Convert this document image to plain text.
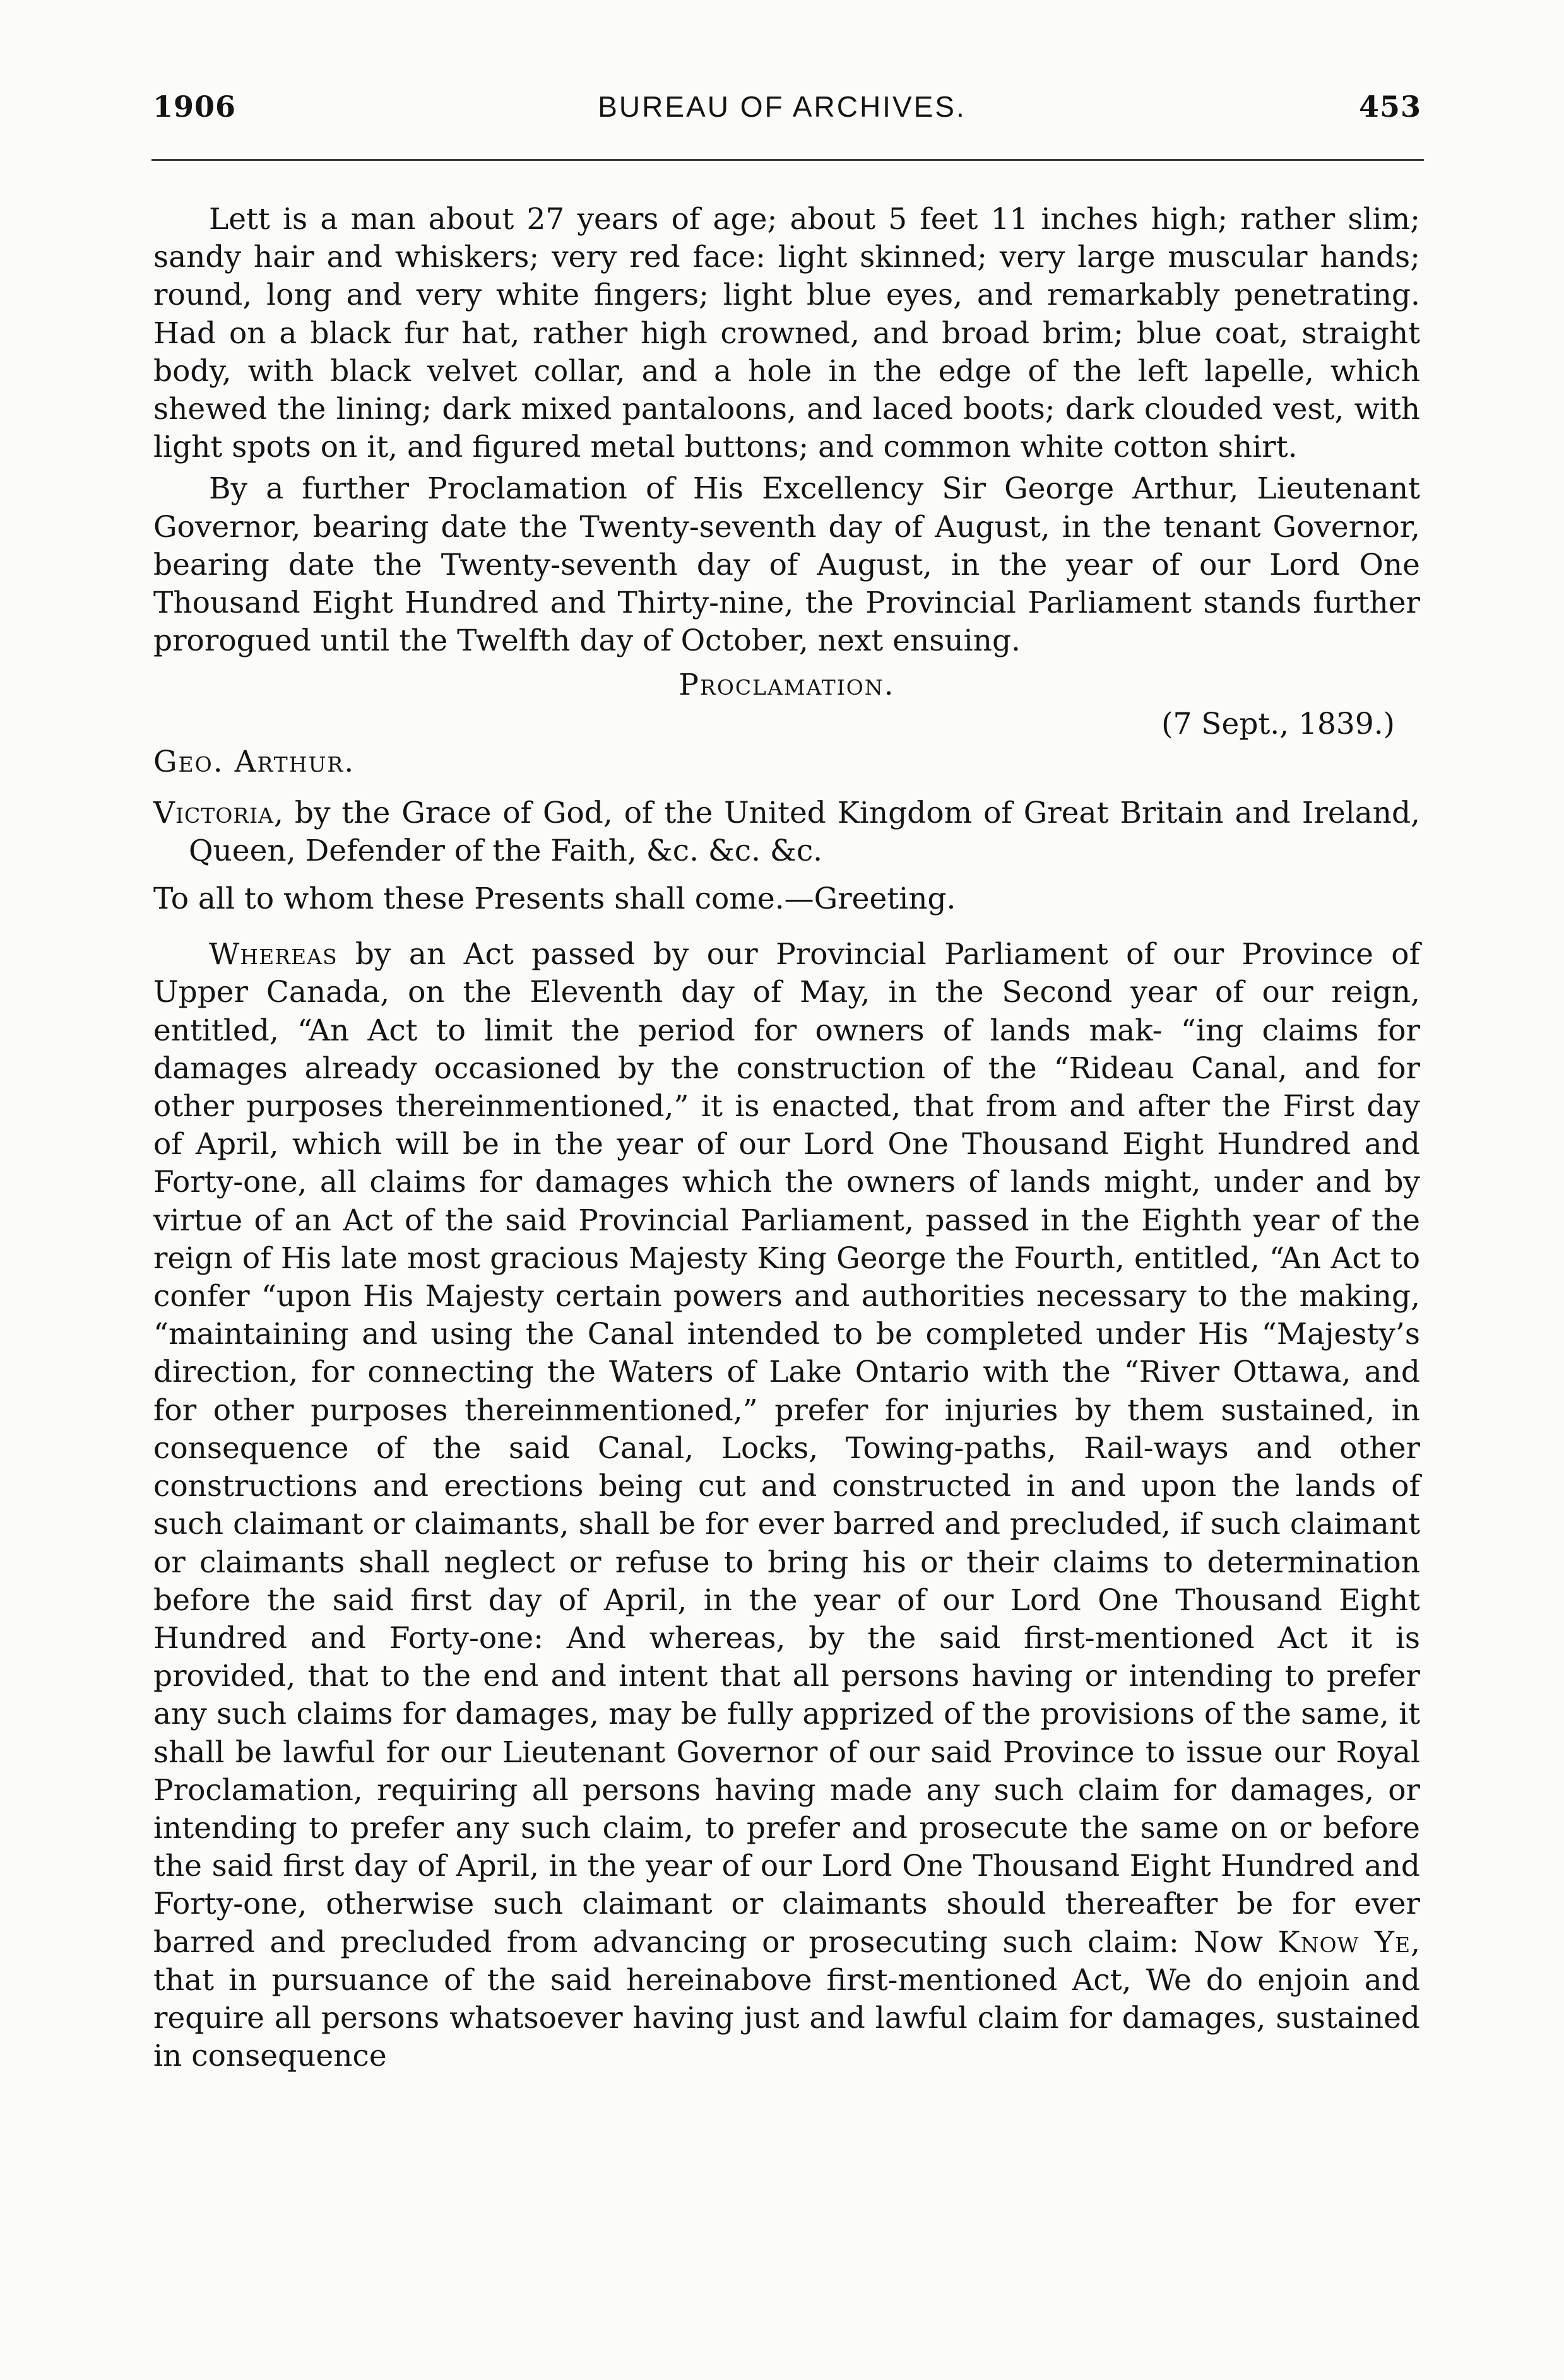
1906	BUREAU OF ARCHIVES.	453

Lett is a man about 27 years of age; about 5 feet 11 inches high; rather slim; sandy hair and whiskers; very red face: light skinned; very large muscular hands; round, long and very white fingers; light blue eyes, and remarkably penetrating. Had on a black fur hat, rather high crowned, and broad brim; blue coat, straight body, with black velvet collar, and a hole in the edge of the left lapelle, which shewed the lining; dark mixed pantaloons, and laced boots; dark clouded vest, with light spots on it, and figured metal buttons; and common white cotton shirt.

By a further Proclamation of His Excellency Sir George Arthur, Lieutenant Governor, bearing date the Twenty-seventh day of August, in the tenant Governor, bearing date the Twenty-seventh day of August, in the year of our Lord One Thousand Eight Hundred and Thirty-nine, the Provincial Parliament stands further prorogued until the Twelfth day of October, next ensuing.

Proclamation.
(7 Sept., 1839.)
Geo. Arthur.

Victoria, by the Grace of God, of the United Kingdom of Great Britain and Ireland, Queen, Defender of the Faith, &c. &c. &c.

To all to whom these Presents shall come.—Greeting.

Whereas by an Act passed by our Provincial Parliament of our Province of Upper Canada, on the Eleventh day of May, in the Second year of our reign, entitled, “An Act to limit the period for owners of lands mak- “ing claims for damages already occasioned by the construction of the “Rideau Canal, and for other purposes thereinmentioned,” it is enacted, that from and after the First day of April, which will be in the year of our Lord One Thousand Eight Hundred and Forty-one, all claims for damages which the owners of lands might, under and by virtue of an Act of the said Provincial Parliament, passed in the Eighth year of the reign of His late most gracious Majesty King George the Fourth, entitled, “An Act to confer “upon His Majesty certain powers and authorities necessary to the making, “maintaining and using the Canal intended to be completed under His “Majesty’s direction, for connecting the Waters of Lake Ontario with the “River Ottawa, and for other purposes thereinmentioned,” prefer for injuries by them sustained, in consequence of the said Canal, Locks, Towing-paths, Rail-ways and other constructions and erections being cut and constructed in and upon the lands of such claimant or claimants, shall be for ever barred and precluded, if such claimant or claimants shall neglect or refuse to bring his or their claims to determination before the said first day of April, in the year of our Lord One Thousand Eight Hundred and Forty-one: And whereas, by the said first-mentioned Act it is provided, that to the end and intent that all persons having or intending to prefer any such claims for damages, may be fully apprized of the provisions of the same, it shall be lawful for our Lieutenant Governor of our said Province to issue our Royal Proclamation, requiring all persons having made any such claim for damages, or intending to prefer any such claim, to prefer and prosecute the same on or before the said first day of April, in the year of our Lord One Thousand Eight Hundred and Forty-one, otherwise such claimant or claimants should thereafter be for ever barred and precluded from advancing or prosecuting such claim: Now Know Ye, that in pursuance of the said hereinabove first-mentioned Act, We do enjoin and require all persons whatsoever having just and lawful claim for damages, sustained in consequence
